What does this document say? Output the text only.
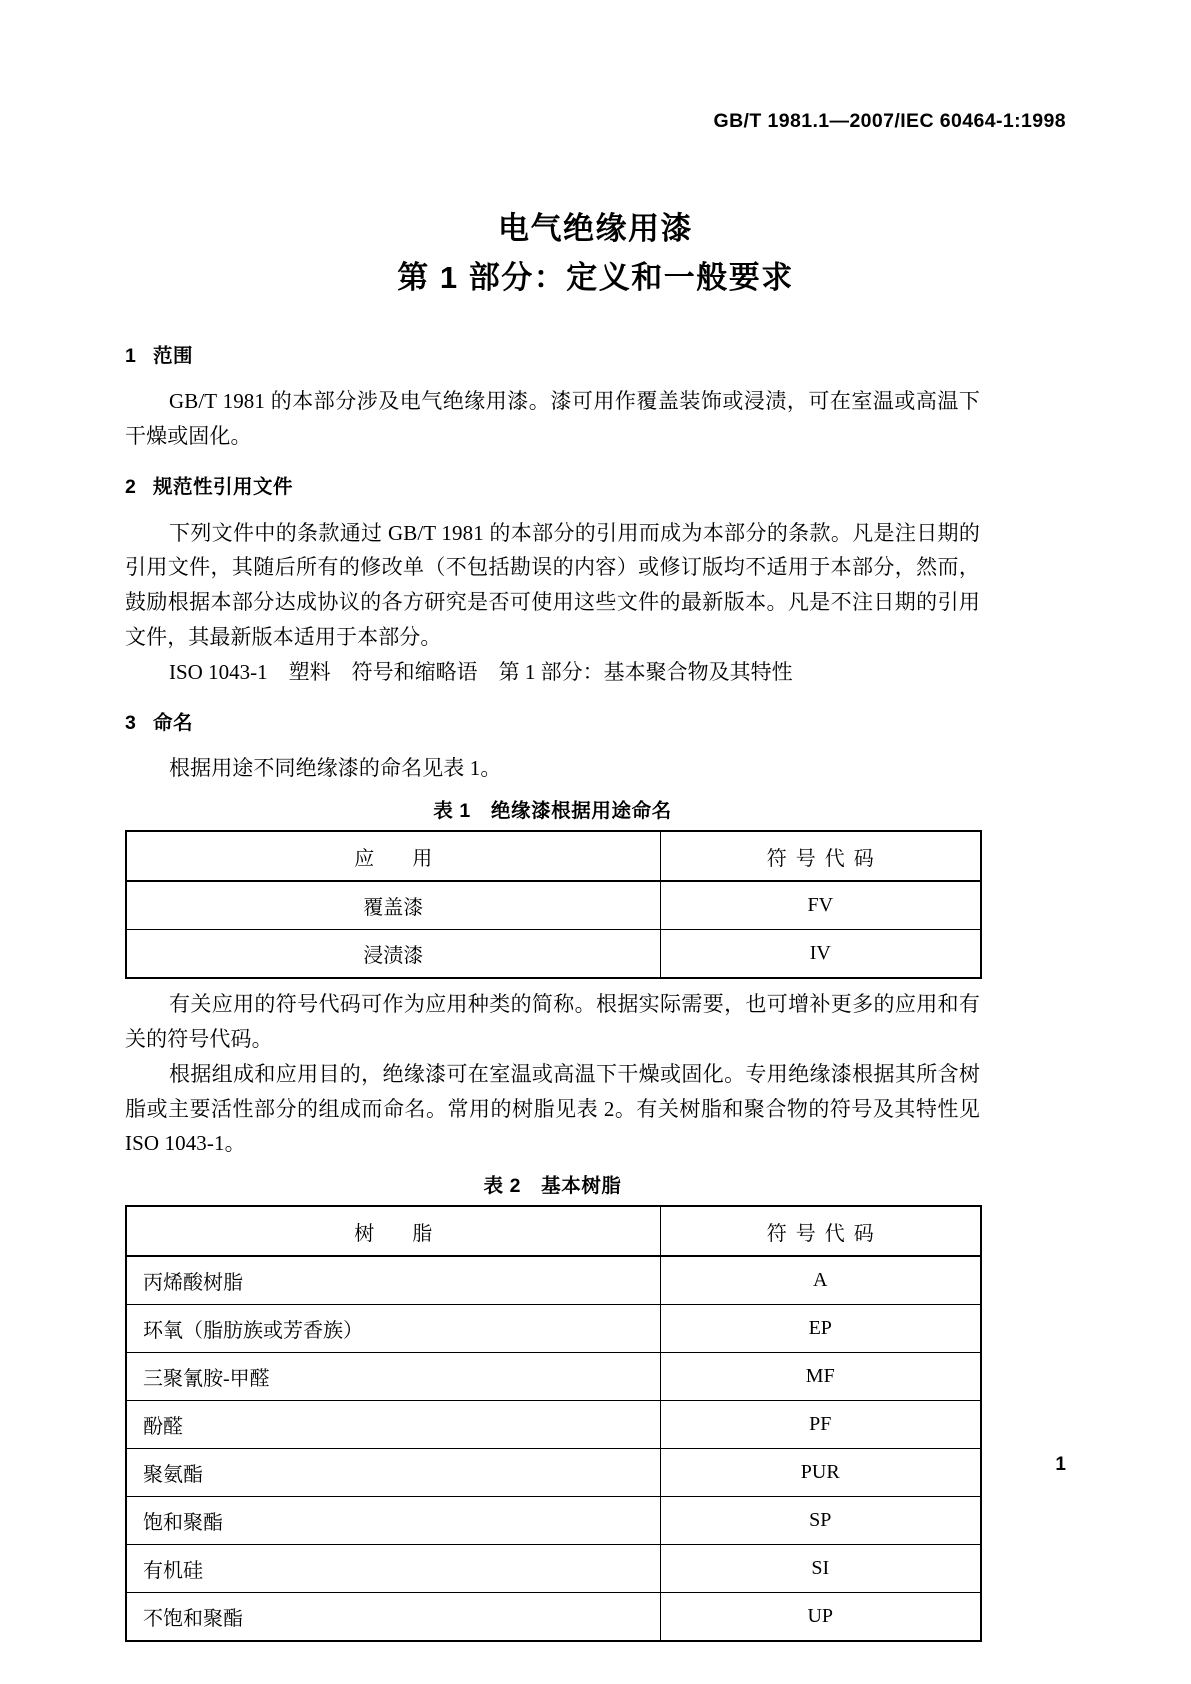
GB/T 1981.1—2007/IEC 60464-1:1998
电气绝缘用漆
第 1 部分：定义和一般要求
1 范围

GB/T 1981 的本部分涉及电气绝缘用漆。漆可用作覆盖装饰或浸渍，可在室温或高温下干燥或固化。

2 规范性引用文件

下列文件中的条款通过 GB/T 1981 的本部分的引用而成为本部分的条款。凡是注日期的引用文件，其随后所有的修改单（不包括勘误的内容）或修订版均不适用于本部分，然而，鼓励根据本部分达成协议的各方研究是否可使用这些文件的最新版本。凡是不注日期的引用文件，其最新版本适用于本部分。

ISO 1043-1　塑料　符号和缩略语　第 1 部分：基本聚合物及其特性

3 命名

根据用途不同绝缘漆的命名见表 1。

表 1　绝缘漆根据用途命名
应　用	符号代码
覆盖漆	FV
浸渍漆	IV

有关应用的符号代码可作为应用种类的简称。根据实际需要，也可增补更多的应用和有关的符号代码。

根据组成和应用目的，绝缘漆可在室温或高温下干燥或固化。专用绝缘漆根据其所含树脂或主要活性部分的组成而命名。常用的树脂见表 2。有关树脂和聚合物的符号及其特性见 ISO 1043-1。

表 2　基本树脂
树　脂	符号代码
丙烯酸树脂	A
环氧（脂肪族或芳香族）	EP
三聚氰胺-甲醛	MF
酚醛	PF
聚氨酯	PUR
饱和聚酯	SP
有机硅	SI
不饱和聚酯	UP
1
